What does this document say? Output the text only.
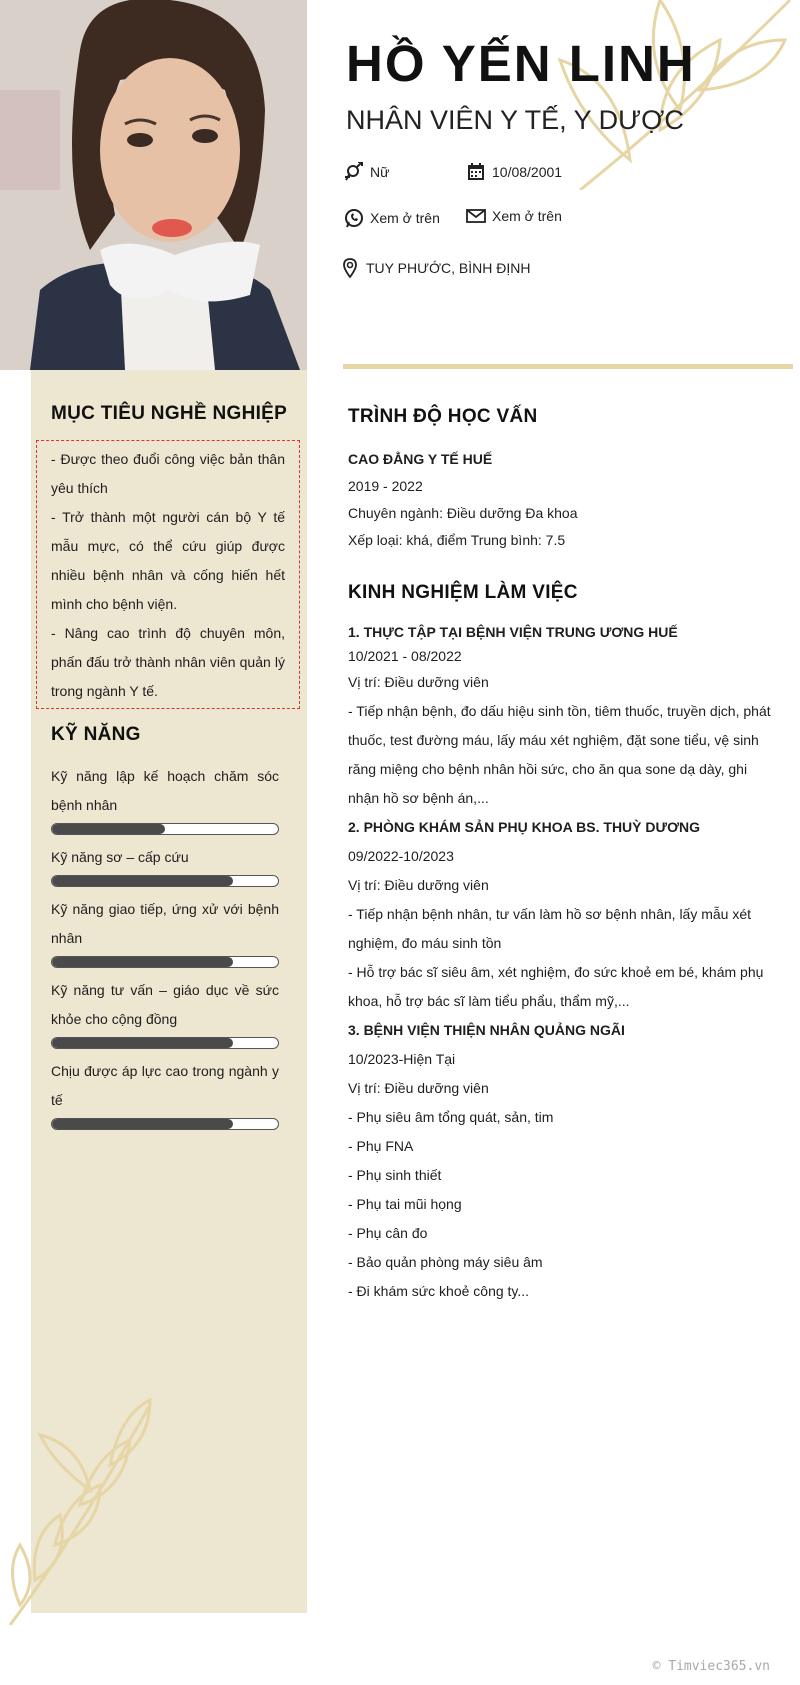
HỒ YẾN LINH
NHÂN VIÊN Y TẾ, Y DƯỢC
Nữ	10/08/2001
Xem ở trên	Xem ở trên
TUY PHƯỚC, BÌNH ĐỊNH
MỤC TIÊU NGHỀ NGHIỆP

- Được theo đuổi công việc bản thân yêu thích

- Trở thành một người cán bộ Y tế mẫu mực, có thể cứu giúp được nhiều bệnh nhân và cống hiến hết mình cho bệnh viện.

- Nâng cao trình độ chuyên môn, phấn đấu trở thành nhân viên quản lý trong ngành Y tế.

KỸ NĂNG
Kỹ năng lập kế hoạch chăm sóc bệnh nhân
Kỹ năng sơ – cấp cứu
Kỹ năng giao tiếp, ứng xử với bệnh nhân
Kỹ năng tư vấn – giáo dục về sức khỏe cho cộng đồng
Chịu được áp lực cao trong ngành y tế
TRÌNH ĐỘ HỌC VẤN
CAO ĐẲNG Y TẾ HUẾ
2019 - 2022
Chuyên ngành: Điều dưỡng Đa khoa
Xếp loại: khá, điểm Trung bình: 7.5
KINH NGHIỆM LÀM VIỆC
1. THỰC TẬP TẠI BỆNH VIỆN TRUNG ƯƠNG HUẾ
10/2021 - 08/2022
Vị trí: Điều dưỡng viên

- Tiếp nhận bệnh, đo dấu hiệu sinh tồn, tiêm thuốc, truyền dịch, phát thuốc, test đường máu, lấy máu xét nghiệm, đặt sone tiểu, vệ sinh răng miệng cho bệnh nhân hồi sức, cho ăn qua sone dạ dày, ghi nhận hồ sơ bệnh án,...

2. PHÒNG KHÁM SẢN PHỤ KHOA BS. THUỲ DƯƠNG
09/2022-10/2023
Vị trí: Điều dưỡng viên

- Tiếp nhận bệnh nhân, tư vấn làm hồ sơ bệnh nhân, lấy mẫu xét nghiệm, đo máu sinh tồn

- Hỗ trợ bác sĩ siêu âm, xét nghiệm, đo sức khoẻ em bé, khám phụ khoa, hỗ trợ bác sĩ làm tiểu phẩu, thẩm mỹ,...

3. BỆNH VIỆN THIỆN NHÂN QUẢNG NGÃI
10/2023-Hiện Tại
Vị trí: Điều dưỡng viên

- Phụ siêu âm tổng quát, sản, tim

- Phụ FNA

- Phụ sinh thiết

- Phụ tai mũi họng

- Phụ cân đo

- Bảo quản phòng máy siêu âm

- Đi khám sức khoẻ công ty...

© Timviec365.vn
